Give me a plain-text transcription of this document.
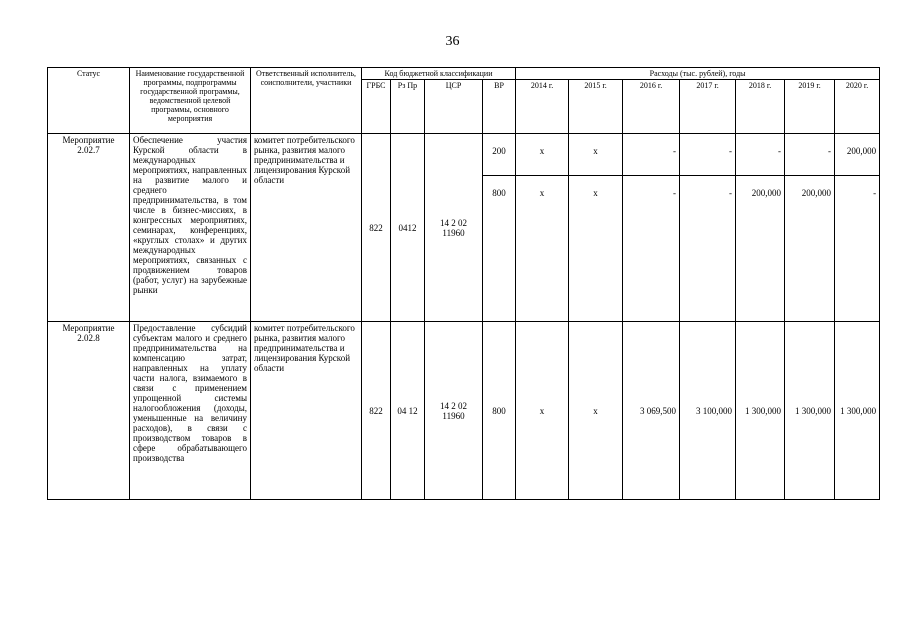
36
Статус	Наименование государственной программы, подпрограммы государственной программы, ведомственной целевой программы, основного мероприятия	Ответственный исполнитель, соисполнители, участники	Код бюджетной классификации				Расходы (тыс. рублей), годы						
			ГРБС	Рз Пр	ЦСР	ВР	2014 г.	2015 г.	2016 г.	2017 г.	2018 г.	2019 г.	2020 г.
Мероприятие 2.02.7	Обеспечение участия Курской области в международных мероприятиях, направленных на развитие малого и среднего предпринимательства, в том числе в бизнес-миссиях, в конгрессных мероприятиях, семинарах, конференциях, «круглых столах» и других международных мероприятиях, связанных с продвижением товаров (работ, услуг) на зарубежные рынки	комитет потребительского рынка, развития малого предпринимательства и лицензирования Курской области	822	0412	14 2 02 11960	200	х	х	-	-	-	-	200,000
						800	х	х	-	-	200,000	200,000	-
Мероприятие 2.02.8	Предоставление субсидий субъектам малого и среднего предпринимательства на компенсацию затрат, направленных на уплату части налога, взимаемого в связи с применением упрощенной системы налогообложения (доходы, уменьшенные на величину расходов), в связи с производством товаров в сфере обрабатывающего производства	комитет потребительского рынка, развития малого предпринимательства и лицензирования Курской области	822	04 12	14 2 02 11960	800	х	х	3 069,500	3 100,000	1 300,000	1 300,000	1 300,000
